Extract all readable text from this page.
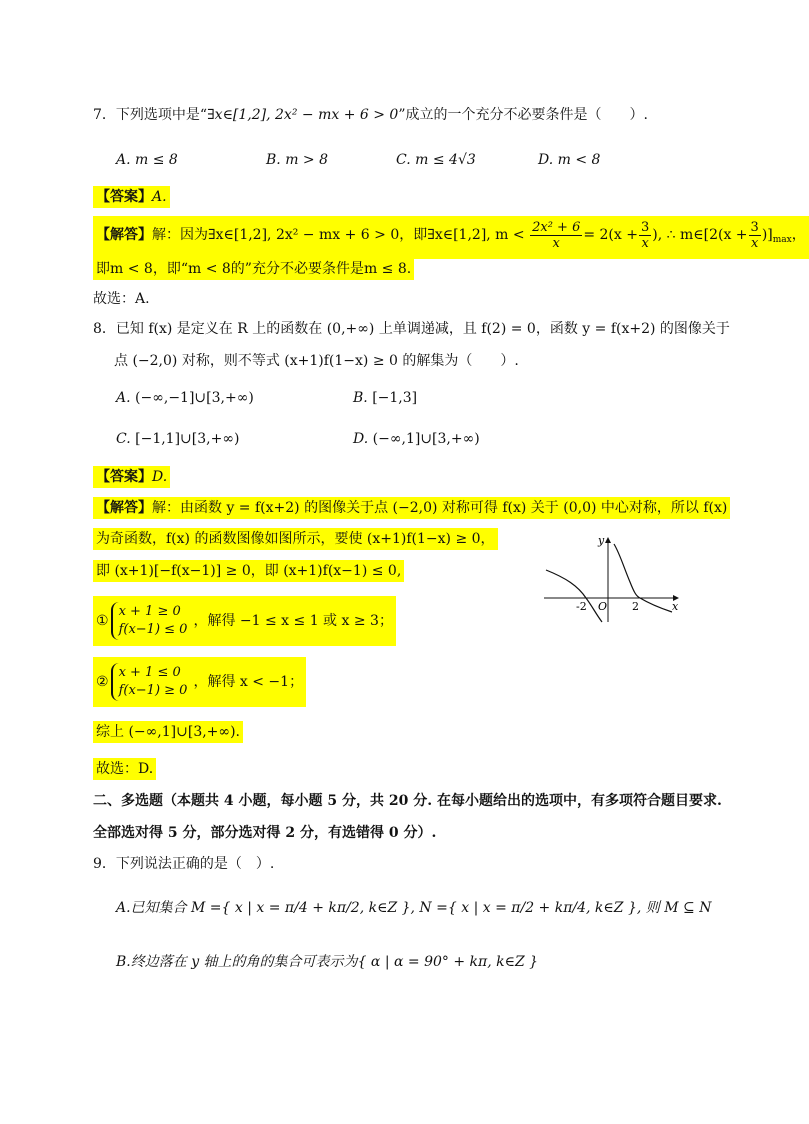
7．下列选项中是“∃x∈[1,2], 2x² − mx + 6 > 0”成立的一个充分不必要条件是（　　）.
A. m ≤ 8	B. m > 8	C. m ≤ 4√3	D. m < 8
【答案】A.
【解答】解：因为∃x∈[1,2], 2x² − mx + 6 > 0，即∃x∈[1,2], $m < \frac{\text{2x² + 6}}{x} = 2(x + \frac{3}{x}$ ), ∴ m∈[2(x + $\frac{3}{x} )]_{max}$，
即m < 8，即“m < 8的”充分不必要条件是m ≤ 8.
故选：A.
8．已知 f(x) 是定义在 R 上的函数在 (0,+∞) 上单调递减，且 f(2) = 0，函数 y = f(x+2) 的图像关于
点 (−2,0) 对称，则不等式 (x+1)f(1−x) ≥ 0 的解集为（　　）.
A. (−∞,−1]∪[3,+∞)	B. [−1,3]
C. [−1,1]∪[3,+∞)	D. (−∞,1]∪[3,+∞)
【答案】D.
【解答】解：由函数 y = f(x+2) 的图像关于点 (−2,0) 对称可得 f(x) 关于 (0,0) 中心对称，所以 f(x)
为奇函数，f(x) 的函数图像如图所示，要使 (x+1)f(1−x) ≥ 0，
即 (x+1)[−f(x−1)] ≥ 0，即 (x+1)f(x−1) ≤ 0,
①
x + 1 ≥ 0
f(x−1) ≤ 0
，解得 −1 ≤ x ≤ 1 或 x ≥ 3；
②
x + 1 ≤ 0
f(x−1) ≥ 0
，解得 x < −1；
综上 (−∞,1]∪[3,+∞).
故选：D.
y
x
O
-2	2
二、多选题（本题共 4 小题，每小题 5 分，共 20 分. 在每小题给出的选项中，有多项符合题目要求.
全部选对得 5 分，部分选对得 2 分，有选错得 0 分）.
9．下列说法正确的是（　）.
A.已知集合 M ={ x | x = π/4 + kπ/2, k∈Z }, N ={ x | x = π/2 + kπ/4, k∈Z }, 则 M ⊆ N
B.终边落在 y 轴上的角的集合可表示为{ α | α = 90° + kπ, k∈Z }
